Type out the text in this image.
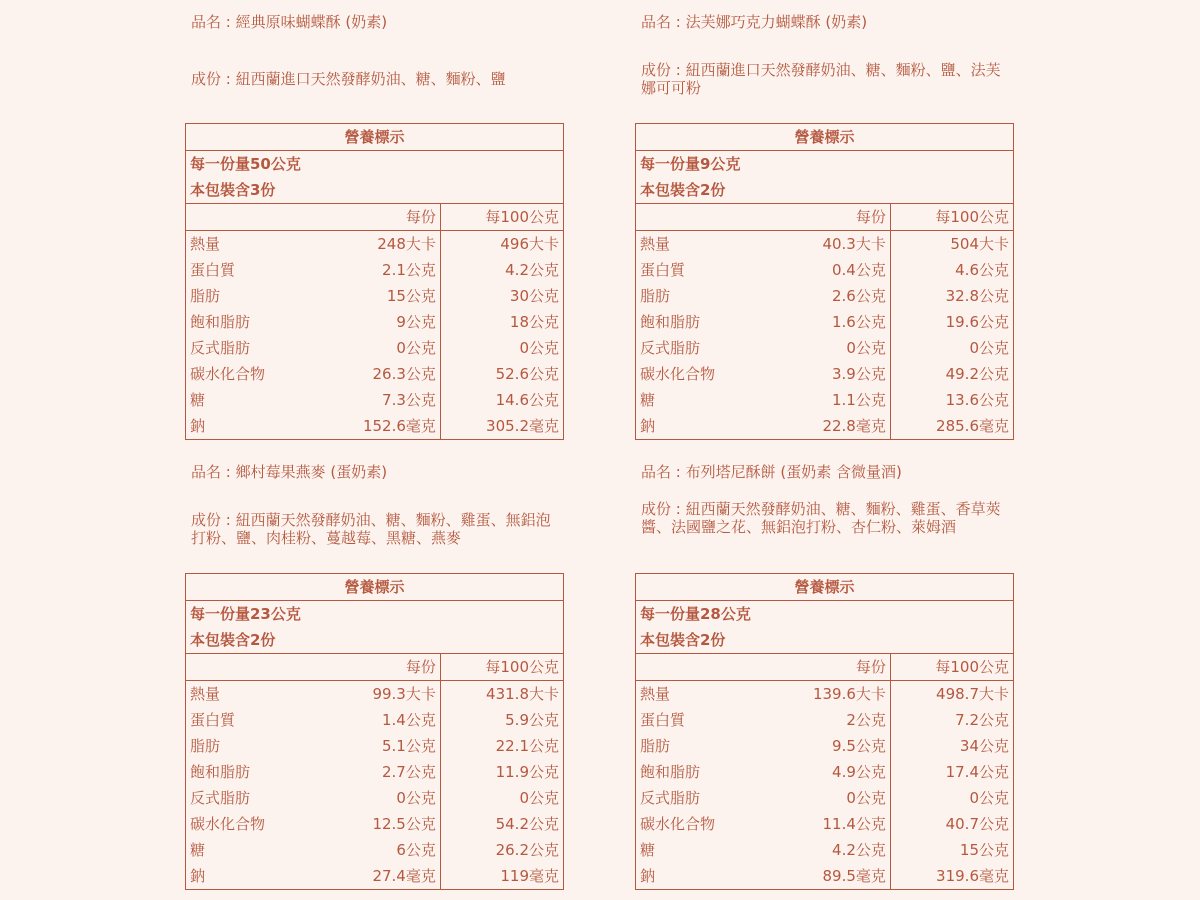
品名 : 經典原味蝴蝶酥 (奶素)
成份 : 紐西蘭進口天然發酵奶油、糖、麵粉、鹽
營養標示		
每一份量50公克		
本包裝含3份		
	每份	每100公克
熱量	248大卡	496大卡
蛋白質	2.1公克	4.2公克
脂肪	15公克	30公克
飽和脂肪	9公克	18公克
反式脂肪	0公克	0公克
碳水化合物	26.3公克	52.6公克
糖	7.3公克	14.6公克
鈉	152.6毫克	305.2毫克
品名 : 法芙娜巧克力蝴蝶酥 (奶素)
成份 : 紐西蘭進口天然發酵奶油、糖、麵粉、鹽、法芙娜可可粉
營養標示		
每一份量9公克		
本包裝含2份		
	每份	每100公克
熱量	40.3大卡	504大卡
蛋白質	0.4公克	4.6公克
脂肪	2.6公克	32.8公克
飽和脂肪	1.6公克	19.6公克
反式脂肪	0公克	0公克
碳水化合物	3.9公克	49.2公克
糖	1.1公克	13.6公克
鈉	22.8毫克	285.6毫克
品名 : 鄉村莓果燕麥 (蛋奶素)
成份 : 紐西蘭天然發酵奶油、糖、麵粉、雞蛋、無鋁泡打粉、鹽、肉桂粉、蔓越莓、黑糖、燕麥
營養標示		
每一份量23公克		
本包裝含2份		
	每份	每100公克
熱量	99.3大卡	431.8大卡
蛋白質	1.4公克	5.9公克
脂肪	5.1公克	22.1公克
飽和脂肪	2.7公克	11.9公克
反式脂肪	0公克	0公克
碳水化合物	12.5公克	54.2公克
糖	6公克	26.2公克
鈉	27.4毫克	119毫克
品名 : 布列塔尼酥餅 (蛋奶素 含微量酒)
成份 : 紐西蘭天然發酵奶油、糖、麵粉、雞蛋、香草莢醬、法國鹽之花、無鋁泡打粉、杏仁粉、萊姆酒
營養標示		
每一份量28公克		
本包裝含2份		
	每份	每100公克
熱量	139.6大卡	498.7大卡
蛋白質	2公克	7.2公克
脂肪	9.5公克	34公克
飽和脂肪	4.9公克	17.4公克
反式脂肪	0公克	0公克
碳水化合物	11.4公克	40.7公克
糖	4.2公克	15公克
鈉	89.5毫克	319.6毫克
